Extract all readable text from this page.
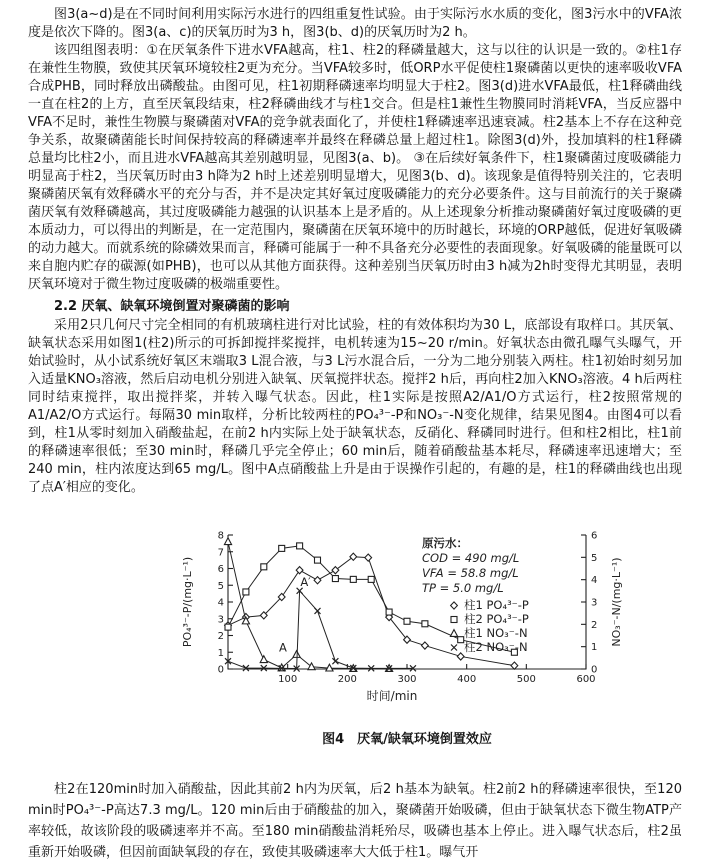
图3(a~d)是在不同时间利用实际污水进行的四组重复性试验。由于实际污水水质的变化，图3污水中的VFA浓度是依次下降的。图3(a、c)的厌氧历时为3 h，图3(b、d)的厌氧历时为2 h。

该四组图表明：①在厌氧条件下进水VFA越高，柱1、柱2的释磷量越大，这与以往的认识是一致的。②柱1存在兼性生物膜，致使其厌氧环境较柱2更为充分。当VFA较多时，低ORP水平促使柱1聚磷菌以更快的速率吸收VFA合成PHB，同时释放出磷酸盐。由图可见，柱1初期释磷速率均明显大于柱2。图3(d)进水VFA最低，柱1释磷曲线一直在柱2的上方，直至厌氧段结束，柱2释磷曲线才与柱1交合。但是柱1兼性生物膜同时消耗VFA，当反应器中VFA不足时，兼性生物膜与聚磷菌对VFA的竞争就表面化了，并使柱1释磷速率迅速衰减。柱2基本上不存在这种竞争关系，故聚磷菌能长时间保持较高的释磷速率并最终在释磷总量上超过柱1。除图3(d)外，投加填料的柱1释磷总量均比柱2小，而且进水VFA越高其差别越明显，见图3(a、b)。 ③在后续好氧条件下，柱1聚磷菌过度吸磷能力明显高于柱2，当厌氧历时由3 h降为2 h时上述差别明显增大，见图3(b、d)。该现象是值得特别关注的，它表明聚磷菌厌氧有效释磷水平的充分与否，并不是决定其好氧过度吸磷能力的充分必要条件。这与目前流行的关于聚磷菌厌氧有效释磷越高，其过度吸磷能力越强的认识基本上是矛盾的。从上述现象分析推动聚磷菌好氧过度吸磷的更本质动力，可以得出的判断是，在一定范围内，聚磷菌在厌氧环境中的历时越长，环境的ORP越低，促进好氧吸磷的动力越大。而就系统的除磷效果而言，释磷可能属于一种不具备充分必要性的表面现象。好氧吸磷的能量既可以来自胞内贮存的碳源(如PHB)，也可以从其他方面获得。这种差别当厌氧历时由3 h减为2h时变得尤其明显，表明厌氧环境对于微生物过度吸磷的极端重要性。

2.2 厌氧、缺氧环境倒置对聚磷菌的影响

采用2只几何尺寸完全相同的有机玻璃柱进行对比试验，柱的有效体积均为30 L，底部设有取样口。其厌氧、缺氧状态采用如图1(柱2)所示的可拆卸搅拌桨搅拌，电机转速为15~20 r/min。好氧状态由微孔曝气头曝气，开始试验时，从小试系统好氧区末端取3 L混合液，与3 L污水混合后，一分为二地分别装入两柱。柱1初始时刻另加入适量KNO₃溶液，然后启动电机分别进入缺氧、厌氧搅拌状态。搅拌2 h后，再向柱2加入KNO₃溶液。4 h后两柱同时结束搅拌，取出搅拌桨，并转入曝气状态。因此，柱1实际是按照A2/A1/O方式运行，柱2按照常规的A1/A2/O方式运行。每隔30 min取样，分析比较两柱的PO₄³⁻-P和NO₃⁻-N变化规律，结果见图4。由图4可以看到，柱1从零时刻加入硝酸盐起，在前2 h内实际上处于缺氧状态，反硝化、释磷同时进行。但和柱2相比，柱1前的释磷速率很低；至30 min时，释磷几乎完全停止；60 min后，随着硝酸盐基本耗尽，释磷速率迅速增大；至240 min，柱内浓度达到65 mg/L。图中A点硝酸盐上升是由于误操作引起的，有趣的是，柱1的释磷曲线也出现了点A′相应的变化。

0
1
2
3
4
5
6
7
8
0
1
2
3
4
5
6
100	200	300	400	500	600
PO₄³⁻-P/(mg·L⁻¹)	NO₃⁻-N/(mg·L⁻¹)
时间/min
原污水：
COD = 490 mg/L
VFA = 58.8 mg/L
TP = 5.0 mg/L
柱1 PO₄³⁻-P
柱2 PO₄³⁻-P
柱1 NO₃⁻-N
柱2 NO₃⁻-N
A
A′
图4　厌氧/缺氧环境倒置效应

柱2在120min时加入硝酸盐，因此其前2 h内为厌氧，后2 h基本为缺氧。柱2前2 h的释磷速率很快，至120 min时PO₄³⁻-P高达7.3 mg/L。120 min后由于硝酸盐的加入，聚磷菌开始吸磷，但由于缺氧状态下微生物ATP产率较低，故该阶段的吸磷速率并不高。至180 min硝酸盐消耗殆尽，吸磷也基本上停止。进入曝气状态后，柱2虽重新开始吸磷，但因前面缺氧段的存在，致使其吸磷速率大大低于柱1。曝气开
